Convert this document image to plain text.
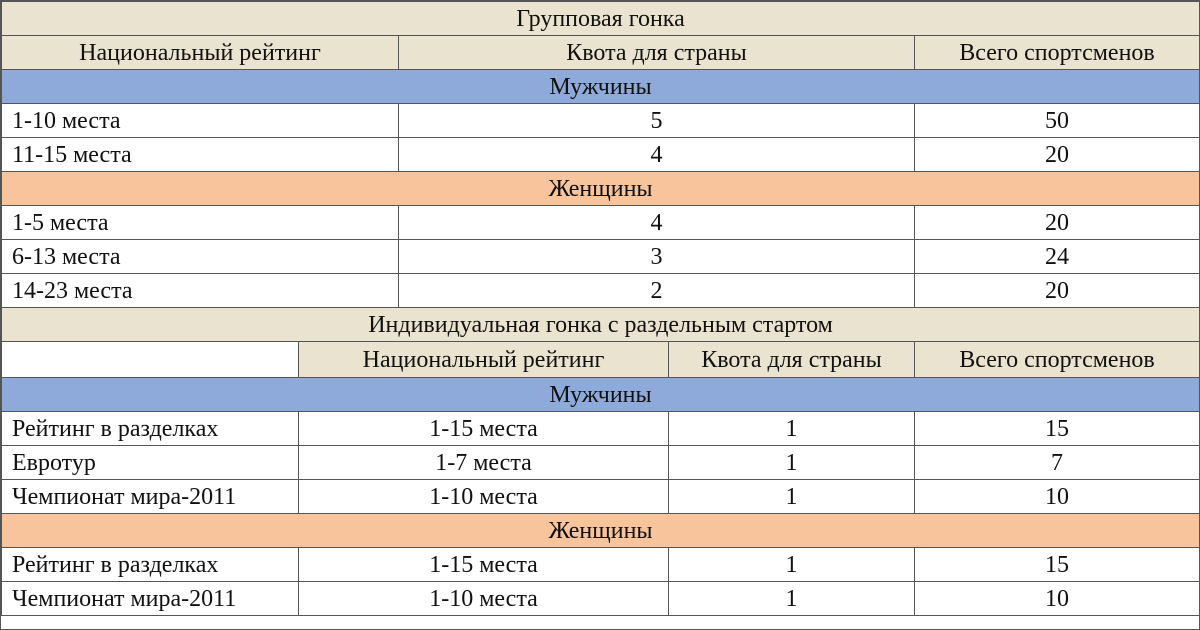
Групповая гонка				
Национальный рейтинг		Квота для страны		Всего спортсменов
Мужчины				
1-10 места		5		50
11-15 места		4		20
Женщины				
1-5 места		4		20
6-13 места		3		24
14-23 места		2		20
Индивидуальная гонка с раздельным стартом				
	Национальный рейтинг		Квота для страны	Всего спортсменов
Мужчины				
Рейтинг в разделках	1-15 места		1	15
Евротур	1-7 места		1	7
Чемпионат мира-2011	1-10 места		1	10
Женщины				
Рейтинг в разделках	1-15 места		1	15
Чемпионат мира-2011	1-10 места		1	10
